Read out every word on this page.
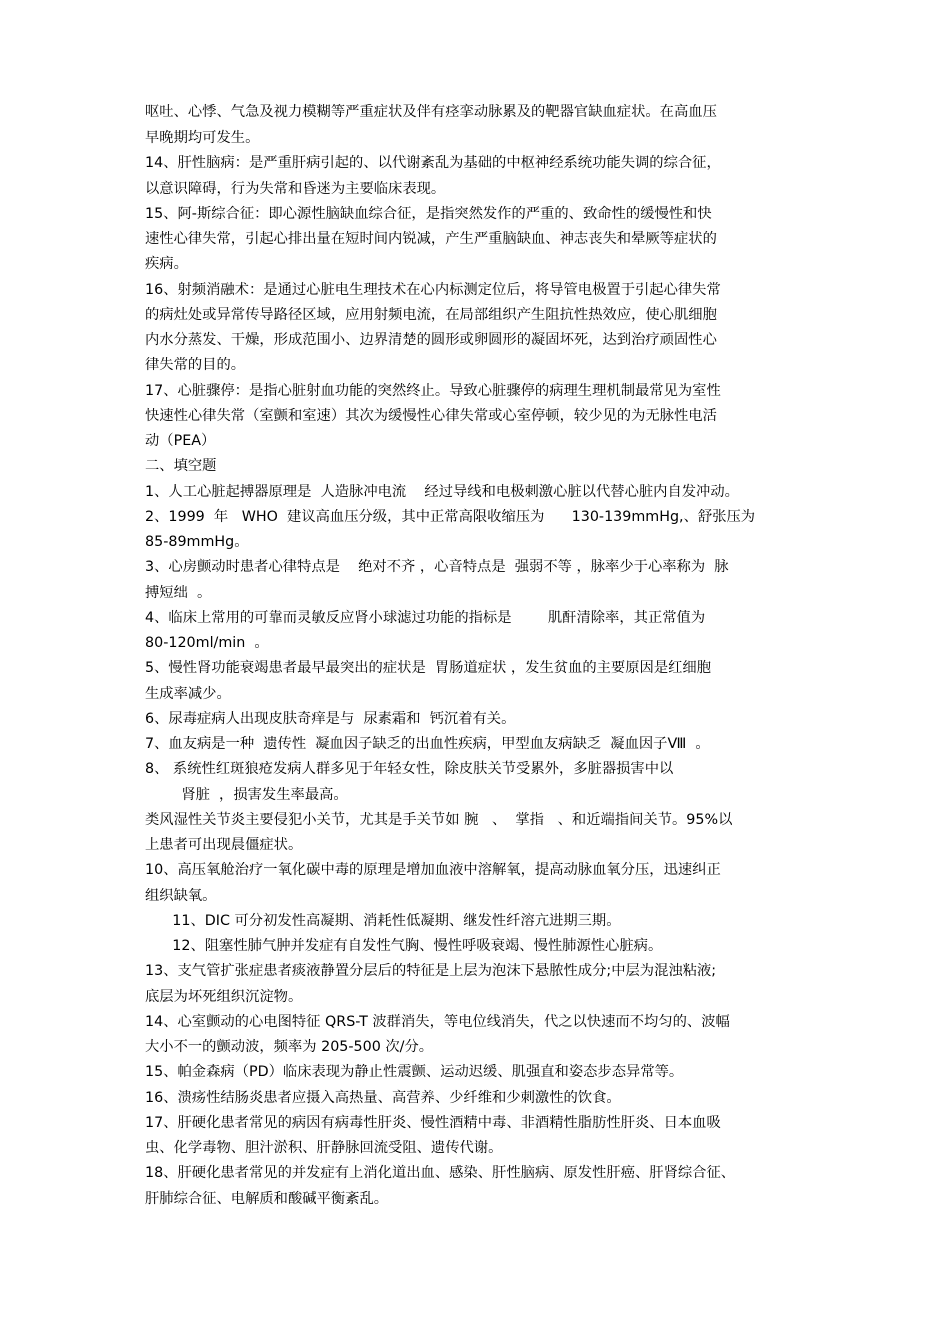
呕吐、心悸、气急及视力模糊等严重症状及伴有痉挛动脉累及的靶器官缺血症状。在高血压
早晚期均可发生。
14、肝性脑病：是严重肝病引起的、以代谢紊乱为基础的中枢神经系统功能失调的综合征，
以意识障碍，行为失常和昏迷为主要临床表现。
15、阿-斯综合征：即心源性脑缺血综合征，是指突然发作的严重的、致命性的缓慢性和快
速性心律失常，引起心排出量在短时间内锐减，产生严重脑缺血、神志丧失和晕厥等症状的
疾病。
16、射频消融术：是通过心脏电生理技术在心内标测定位后，将导管电极置于引起心律失常
的病灶处或异常传导路径区域，应用射频电流，在局部组织产生阻抗性热效应，使心肌细胞
内水分蒸发、干燥，形成范围小、边界清楚的圆形或卵圆形的凝固坏死，达到治疗顽固性心
律失常的目的。
17、心脏骤停：是指心脏射血功能的突然终止。导致心脏骤停的病理生理机制最常见为室性
快速性心律失常（室颤和室速）其次为缓慢性心律失常或心室停顿，较少见的为无脉性电活
动（PEA）
二、填空题
1、人工心脏起搏器原理是  人造脉冲电流    经过导线和电极刺激心脏以代替心脏内自发冲动。
2、1999  年   WHO  建议高血压分级，其中正常高限收缩压为      130-139mmHg,、舒张压为
85-89mmHg。
3、心房颤动时患者心律特点是    绝对不齐 ，心音特点是  强弱不等 ，脉率少于心率称为  脉
搏短绌  。
4、临床上常用的可靠而灵敏反应肾小球滤过功能的指标是        肌酐清除率，其正常值为
80-120ml/min  。
5、慢性肾功能衰竭患者最早最突出的症状是  胃肠道症状 ，发生贫血的主要原因是红细胞
生成率减少。
6、尿毒症病人出现皮肤奇痒是与  尿素霜和  钙沉着有关。
7、血友病是一种  遗传性  凝血因子缺乏的出血性疾病，甲型血友病缺乏  凝血因子Ⅷ  。
8、 系统性红斑狼疮发病人群多见于年轻女性，除皮肤关节受累外，多脏器损害中以
肾脏  ，损害发生率最高。
类风湿性关节炎主要侵犯小关节，尤其是手关节如 腕   、  掌指   、和近端指间关节。95%以
上患者可出现晨僵症状。
10、高压氧舱治疗一氧化碳中毒的原理是增加血液中溶解氧，提高动脉血氧分压，迅速纠正
组织缺氧。
11、DIC 可分初发性高凝期、消耗性低凝期、继发性纤溶亢进期三期。
12、阻塞性肺气肿并发症有自发性气胸、慢性呼吸衰竭、慢性肺源性心脏病。
13、支气管扩张症患者痰液静置分层后的特征是上层为泡沫下悬脓性成分;中层为混浊粘液;
底层为坏死组织沉淀物。
14、心室颤动的心电图特征 QRS-T 波群消失，等电位线消失，代之以快速而不均匀的、波幅
大小不一的颤动波，频率为 205-500 次/分。
15、帕金森病（PD）临床表现为静止性震颤、运动迟缓、肌强直和姿态步态异常等。
16、溃疡性结肠炎患者应摄入高热量、高营养、少纤维和少刺激性的饮食。
17、肝硬化患者常见的病因有病毒性肝炎、慢性酒精中毒、非酒精性脂肪性肝炎、日本血吸
虫、化学毒物、胆汁淤积、肝静脉回流受阻、遗传代谢。
18、肝硬化患者常见的并发症有上消化道出血、感染、肝性脑病、原发性肝癌、肝肾综合征、
肝肺综合征、电解质和酸碱平衡紊乱。
